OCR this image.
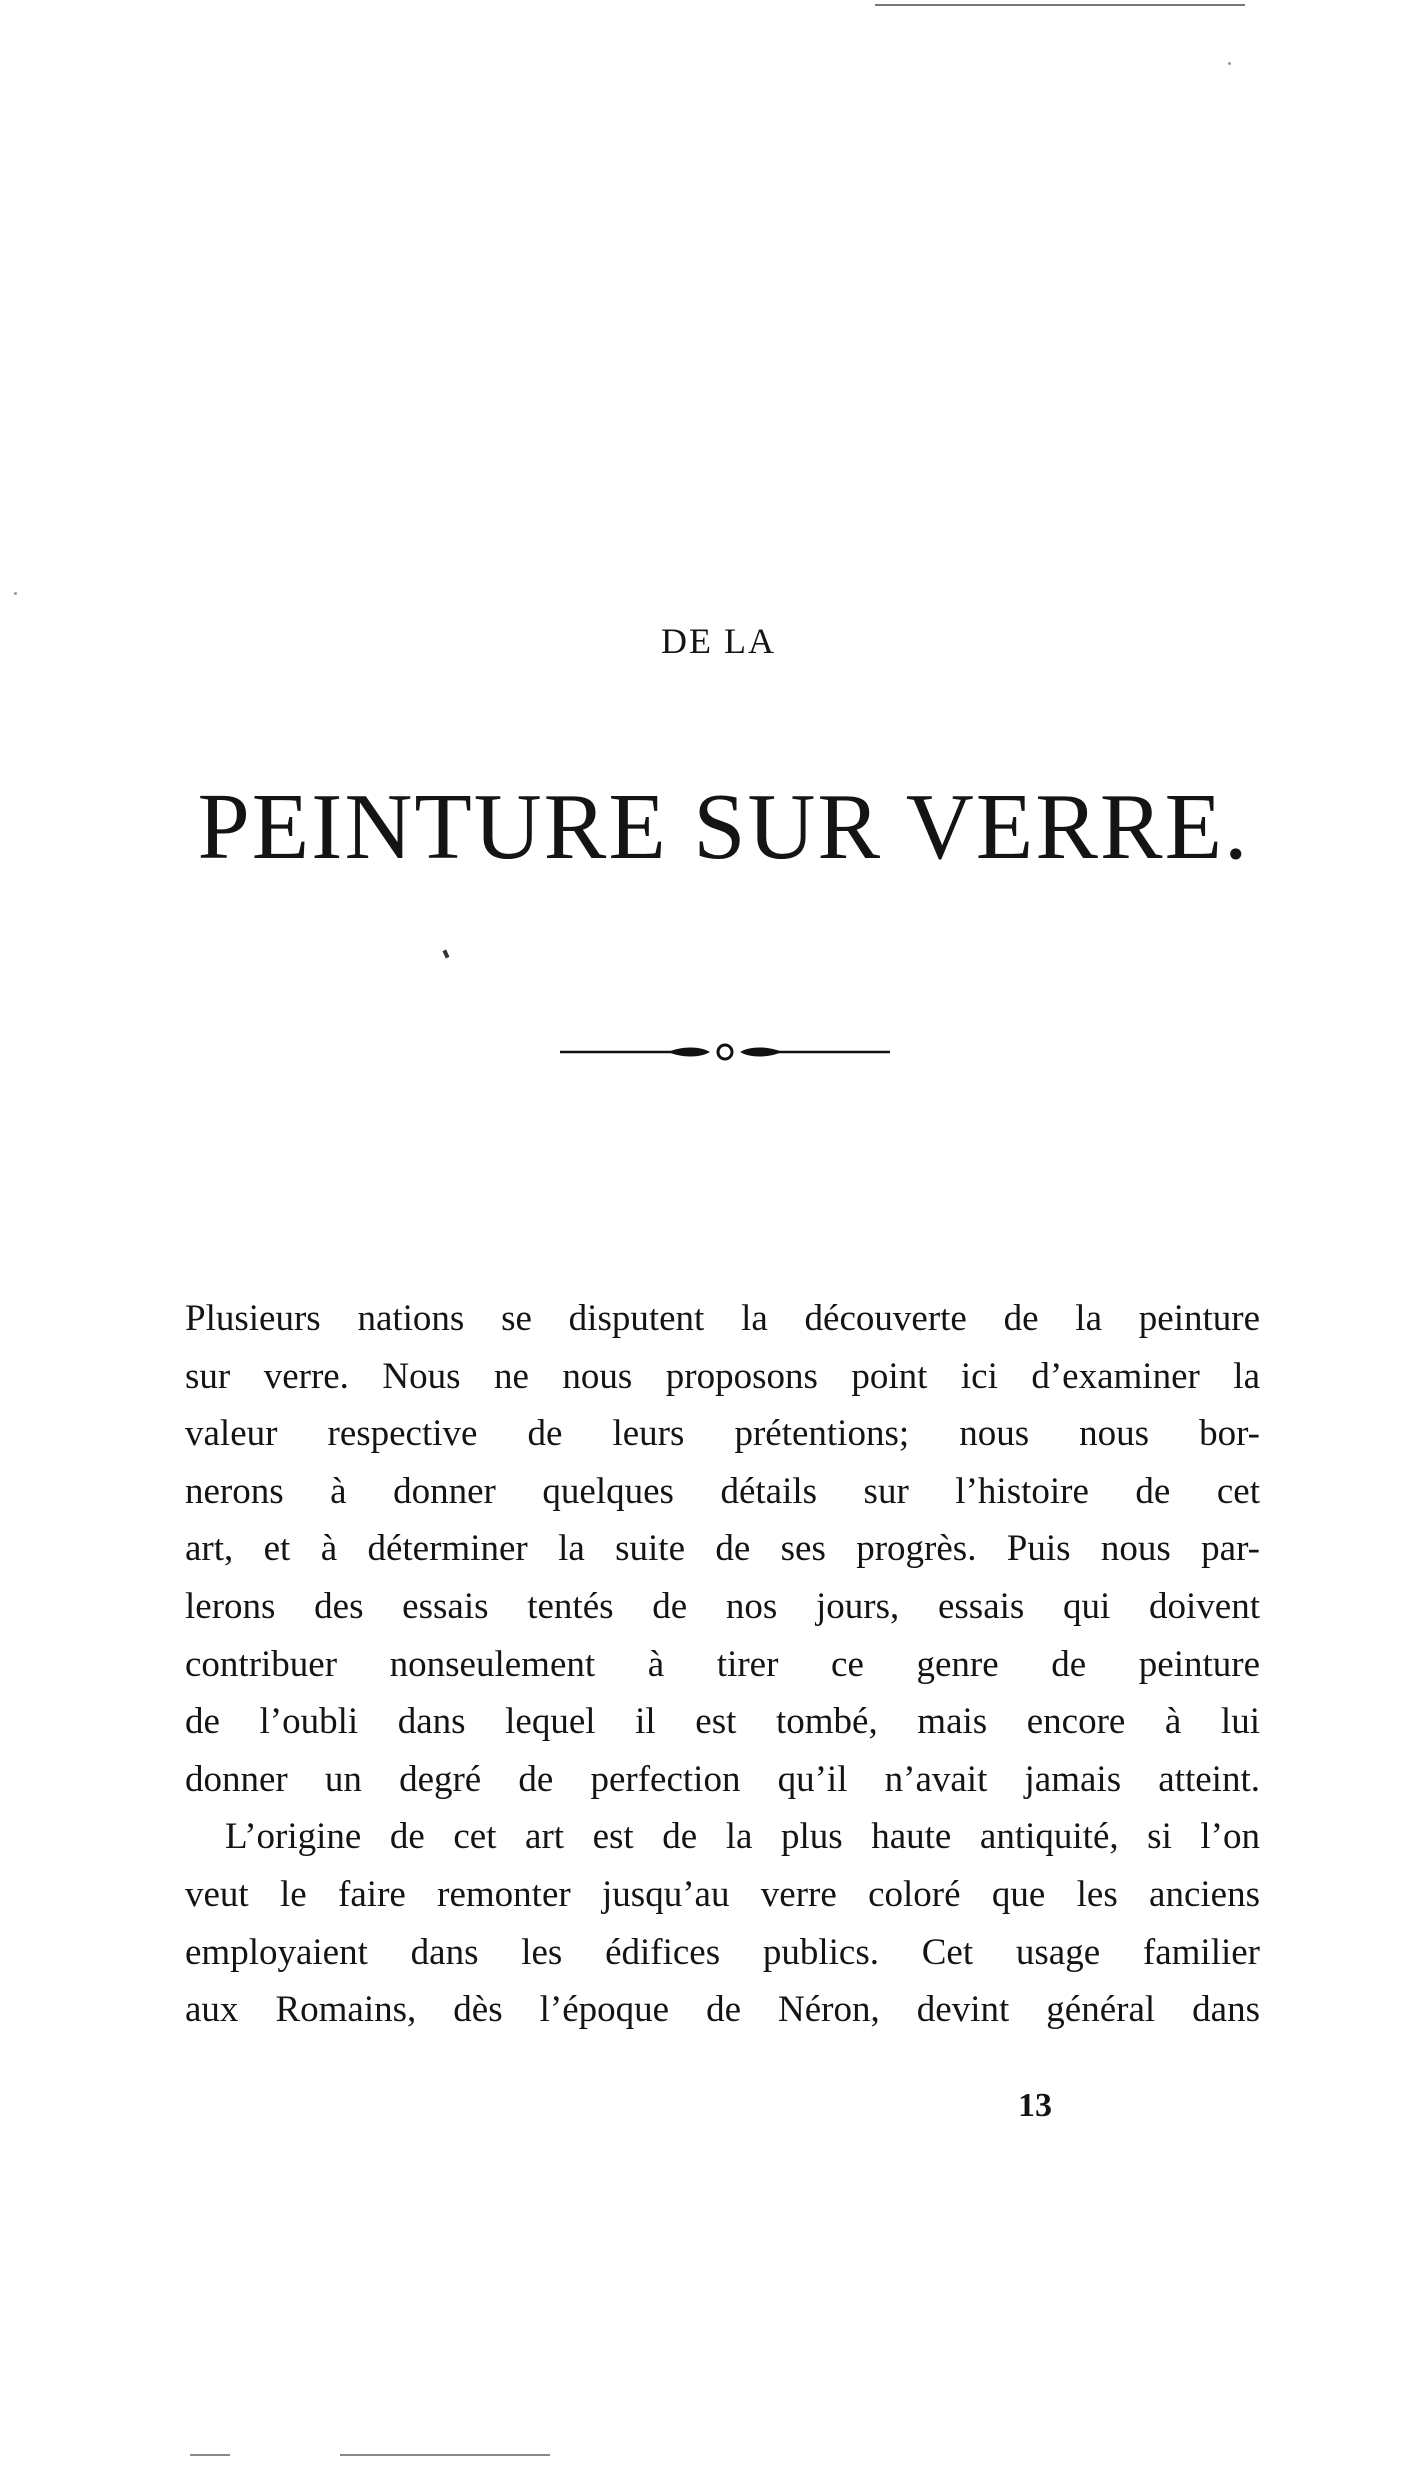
DE LA
PEINTURE SUR VERRE.
Plusieurs nations se disputent la découverte de la peinture
sur verre. Nous ne nous proposons point ici d’examiner la
valeur respective de leurs prétentions; nous nous bor-
nerons à donner quelques détails sur l’histoire de cet
art, et à déterminer la suite de ses progrès. Puis nous par-
lerons des essais tentés de nos jours, essais qui doivent
contribuer nonseulement à tirer ce genre de peinture
de l’oubli dans lequel il est tombé, mais encore à lui
donner un degré de perfection qu’il n’avait jamais atteint.
L’origine de cet art est de la plus haute antiquité, si l’on
veut le faire remonter jusqu’au verre coloré que les anciens
employaient dans les édifices publics. Cet usage familier
aux Romains, dès l’époque de Néron, devint général dans
13
